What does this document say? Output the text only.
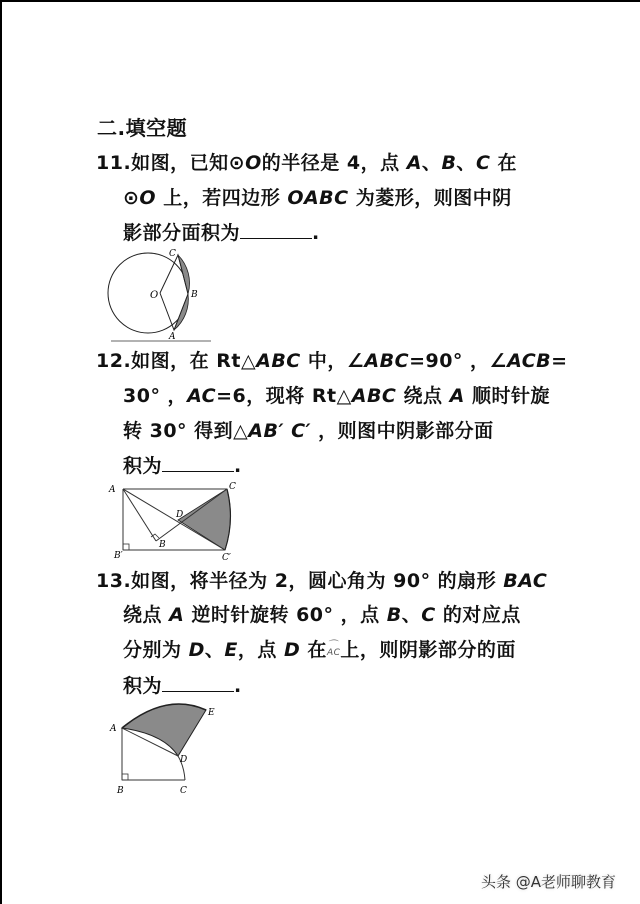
二.填空题
11.如图，已知⊙O的半径是 4，点 A、B、C 在
⊙O 上，若四边形 OABC 为菱形，则图中阴
影部分面积为	.
O
C
B
A
12.如图，在 Rt△ABC 中，∠ABC=90° ，∠ACB=
30° ，AC=6，现将 Rt△ABC 绕点 A 顺时针旋
转 30° 得到△AB′ C′ ，则图中阴影部分面
积为	.
A	C
D
B
B′	C′
13.如图，将半径为 2，圆心角为 90° 的扇形 BAC
绕点 A 逆时针旋转 60° ，点 B、C 的对应点
分别为 D、E，点 D 在 ⌒
AC上，则阴影部分的面
积为	.
A
E
D
B	C
头条 @A老师聊教育
